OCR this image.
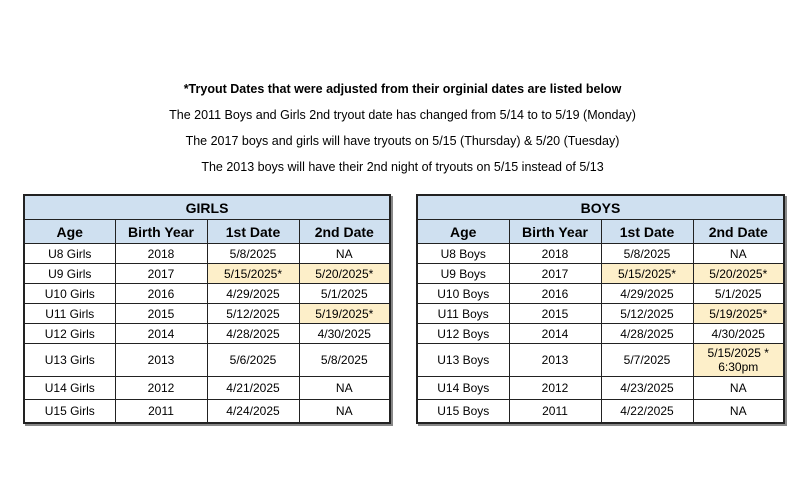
*Tryout Dates that were adjusted from their orginial dates are listed below

The 2011 Boys and Girls 2nd tryout date has changed from 5/14 to to 5/19 (Monday)

The 2017 boys and girls will have tryouts on 5/15 (Thursday) & 5/20 (Tuesday)

The 2013 boys will have their 2nd night of tryouts on 5/15 instead of 5/13

GIRLS			
Age	Birth Year	1st Date	2nd Date
U8 Girls	2018	5/8/2025	NA
U9 Girls	2017	5/15/2025*	5/20/2025*
U10 Girls	2016	4/29/2025	5/1/2025
U11 Girls	2015	5/12/2025	5/19/2025*
U12 Girls	2014	4/28/2025	4/30/2025
U13 Girls	2013	5/6/2025	5/8/2025
U14 Girls	2012	4/21/2025	NA
U15 Girls	2011	4/24/2025	NA
BOYS			
Age	Birth Year	1st Date	2nd Date
U8 Boys	2018	5/8/2025	NA
U9 Boys	2017	5/15/2025*	5/20/2025*
U10 Boys	2016	4/29/2025	5/1/2025
U11 Boys	2015	5/12/2025	5/19/2025*
U12 Boys	2014	4/28/2025	4/30/2025
U13 Boys	2013	5/7/2025	5/15/2025 *
6:30pm
U14 Boys	2012	4/23/2025	NA
U15 Boys	2011	4/22/2025	NA
